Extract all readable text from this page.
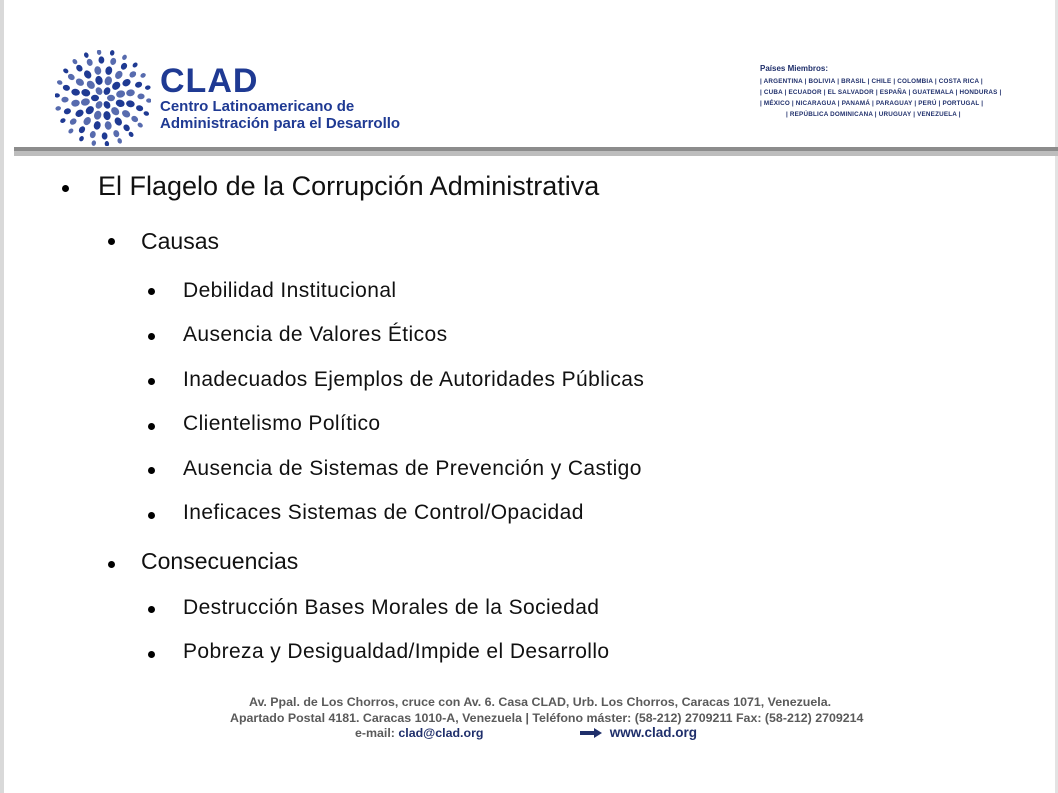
CLAD
Centro Latinoamericano de
Administración para el Desarrollo
Países Miembros:
| ARGENTINA | BOLIVIA | BRASIL | CHILE | COLOMBIA | COSTA RICA |
| CUBA | ECUADOR | EL SALVADOR | ESPAÑA | GUATEMALA | HONDURAS |
| MÉXICO | NICARAGUA | PANAMÁ | PARAGUAY | PERÚ | PORTUGAL |
| REPÚBLICA DOMINICANA | URUGUAY | VENEZUELA |
El Flagelo de la Corrupción Administrativa
Causas
Debilidad Institucional
Ausencia de Valores Éticos
Inadecuados Ejemplos de Autoridades Públicas
Clientelismo Político
Ausencia de Sistemas de Prevención y Castigo
Ineficaces Sistemas de Control/Opacidad
Consecuencias
Destrucción Bases Morales de la Sociedad
Pobreza y Desigualdad/Impide el Desarrollo
Av. Ppal. de Los Chorros, cruce con Av. 6. Casa CLAD, Urb. Los Chorros, Caracas 1071, Venezuela.
Apartado Postal 4181. Caracas 1010-A, Venezuela | Teléfono máster: (58-212) 2709211 Fax: (58-212) 2709214
e-mail: clad@clad.org	www.clad.org
